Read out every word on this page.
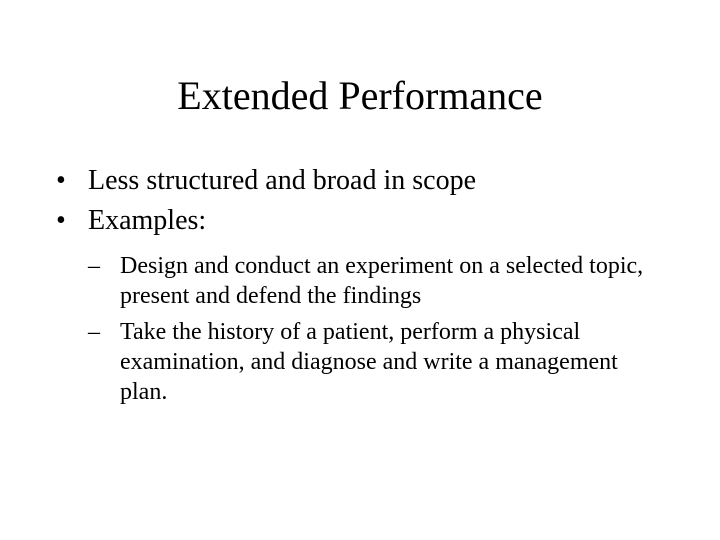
Extended Performance
• Less structured and broad in scope
• Examples:
– Design and conduct an experiment on a selected topic, present and defend the findings
– Take the history of a patient, perform a physical examination, and diagnose and write a management plan.
